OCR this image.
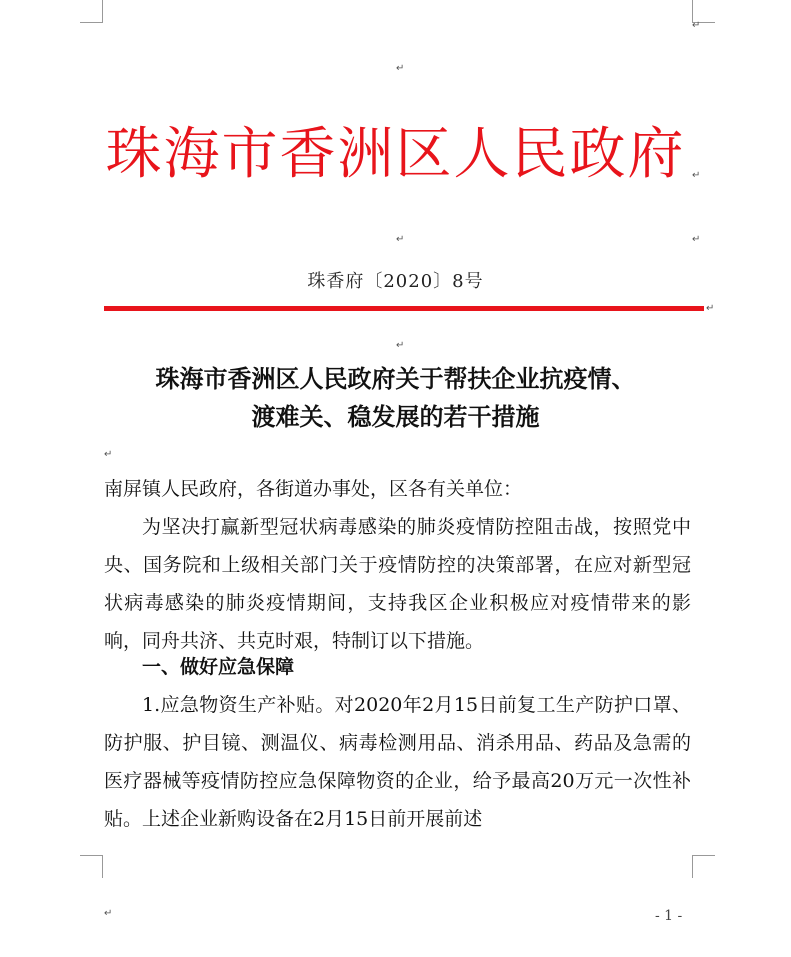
↵
↵
↵
↵	↵
↵
↵
↵
↵
珠海市香洲区人民政府
珠香府〔2020〕8号
珠海市香洲区人民政府关于帮扶企业抗疫情、
渡难关、稳发展的若干措施
南屏镇人民政府，各街道办事处，区各有关单位：
为坚决打赢新型冠状病毒感染的肺炎疫情防控阻击战，按照党中央、国务院和上级相关部门关于疫情防控的决策部署，在应对新型冠状病毒感染的肺炎疫情期间，支持我区企业积极应对疫情带来的影响，同舟共济、共克时艰，特制订以下措施。
一、做好应急保障
1.应急物资生产补贴。对2020年2月15日前复工生产防护口罩、防护服、护目镜、测温仪、病毒检测用品、消杀用品、药品及急需的医疗器械等疫情防控应急保障物资的企业，给予最高20万元一次性补贴。上述企业新购设备在2月15日前开展前述
- 1 -
